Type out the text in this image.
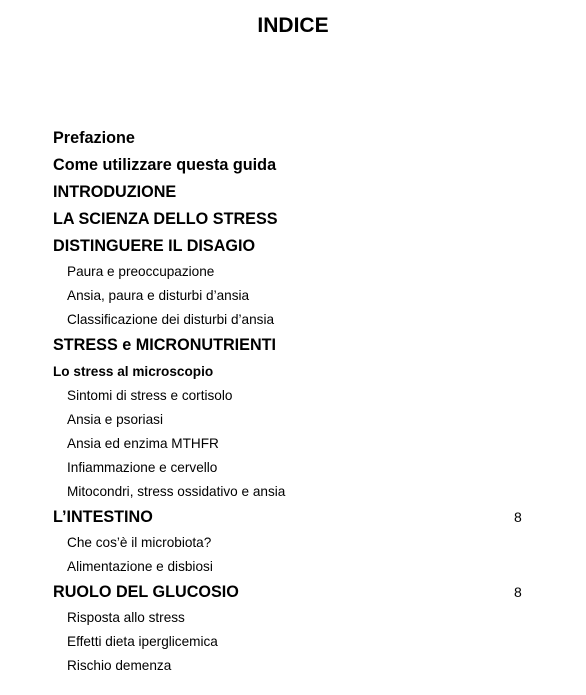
INDICE
Prefazione
Come utilizzare questa guida
INTRODUZIONE
LA SCIENZA DELLO STRESS
DISTINGUERE IL DISAGIO
Paura e preoccupazione
Ansia, paura e disturbi d’ansia
Classificazione dei disturbi d’ansia
STRESS e MICRONUTRIENTI
Lo stress al microscopio
Sintomi di stress e cortisolo
Ansia e psoriasi
Ansia ed enzima MTHFR
Infiammazione e cervello
Mitocondri, stress ossidativo e ansia
L’INTESTINO	8
Che cos’è il microbiota?
Alimentazione e disbiosi
RUOLO DEL GLUCOSIO	8
Risposta allo stress
Effetti dieta iperglicemica
Rischio demenza
